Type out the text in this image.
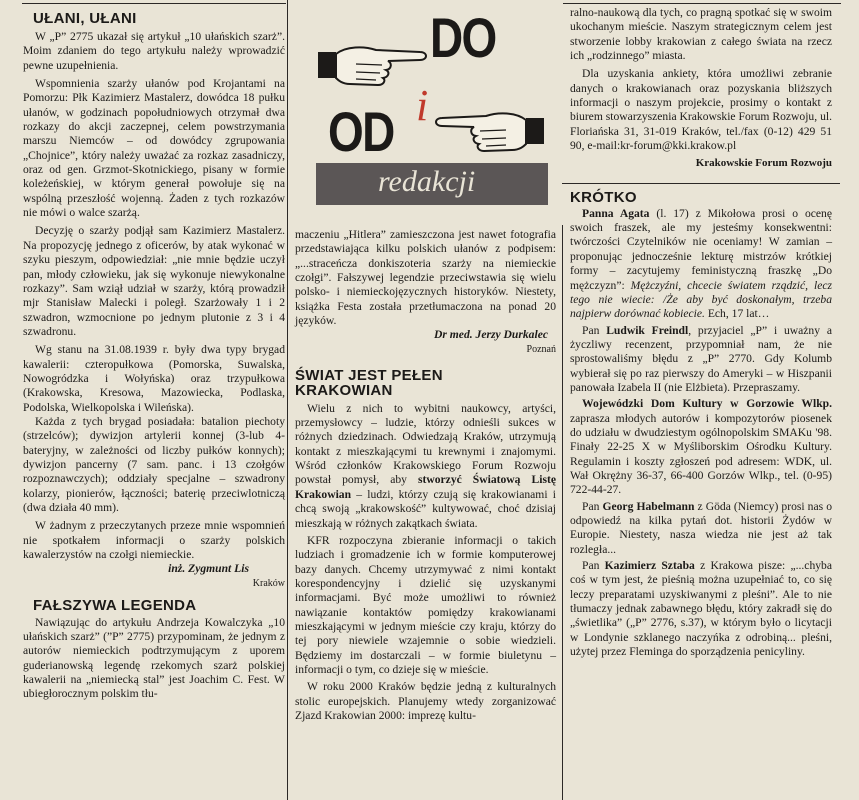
UŁANI, UŁANI

W „P” 2775 ukazał się artykuł „10 ułańskich szarż”. Moim zdaniem do tego artykułu należy wprowadzić pewne uzupełnienia.

Wspomnienia szarży ułanów pod Krojantami na Pomorzu: Płk Kazimierz Mastalerz, dowódca 18 pułku ułanów, w godzinach popołudniowych otrzymał dwa rozkazy do akcji zaczepnej, celem powstrzymania marszu Niemców – od dowódcy zgrupowania „Chojnice”, który należy uważać za rozkaz zasadniczy, oraz od gen. Grzmot-Skotnickiego, pisany w formie koleżeńskiej, w którym generał powołuje się na wspólną przeszłość wojenną. Żaden z tych rozkazów nie mówi o walce szarżą.

Decyzję o szarży podjął sam Kazimierz Mastalerz. Na propozycję jednego z oficerów, by atak wykonać w szyku pieszym, odpowiedział: „nie mnie będzie uczył pan, młody człowieku, jak się wykonuje niewykonalne rozkazy”. Sam wziął udział w szarży, którą prowadził mjr Stanisław Malecki i poległ. Szarżowały 1 i 2 szwadron, wzmocnione po jednym plutonie z 3 i 4 szwadronu.

Wg stanu na 31.08.1939 r. były dwa typy brygad kawalerii: czteropułkowa (Pomorska, Suwalska, Nowogródzka i Wołyńska) oraz trzypułkowa (Krakowska, Kresowa, Mazowiecka, Podlaska, Podolska, Wielkopolska i Wileńska).

Każda z tych brygad posiadała: batalion piechoty (strzelców); dywizjon artylerii konnej (3-lub 4-bateryjny, w zależności od liczby pułków konnych); dywizjon pancerny (7 sam. panc. i 13 czołgów rozpoznawczych); oddziały specjalne – szwadrony kolarzy, pionierów, łączności; baterię przeciwlotniczą (dwa działa 40 mm).

W żadnym z przeczytanych przeze mnie wspomnień nie spotkałem informacji o szarży polskich kawalerzystów na czołgi niemieckie.

inż. Zygmunt Lis
Kraków
FAŁSZYWA LEGENDA

Nawiązując do artykułu Andrzeja Kowalczyka „10 ułańskich szarż” (”P” 2775) przypominam, że jednym z autorów niemieckich podtrzymującym z uporem guderianowską legendę rzekomych szarż polskiej kawalerii na „niemiecką stal” jest Joachim C. Fest. W ubiegłorocznym polskim tłu-

DO
i
OD
redakcji

maczeniu „Hitlera” zamieszczona jest nawet fotografia przedstawiająca kilku polskich ułanów z podpisem: „...straceńcza donkiszoteria szarży na niemieckie czołgi”. Fałszywej legendzie przeciwstawia się wielu polsko- i niemieckojęzycznych historyków. Niestety, książka Festa została przetłumaczona na ponad 20 języków.

Dr med. Jerzy Durkalec
Poznań
ŚWIAT JEST PEŁEN
KRAKOWIAN

Wielu z nich to wybitni naukowcy, artyści, przemysłowcy – ludzie, którzy odnieśli sukces w różnych dziedzinach. Odwiedzają Kraków, utrzymują kontakt z mieszkającymi tu krewnymi i znajomymi. Wśród członków Krakowskiego Forum Rozwoju powstał pomysł, aby stworzyć Światową Listę Krakowian – ludzi, którzy czują się krakowianami i chcą swoją „krakowskość” kultywować, choć dzisiaj mieszkają w różnych zakątkach świata.

KFR rozpoczyna zbieranie informacji o takich ludziach i gromadzenie ich w formie komputerowej bazy danych. Chcemy utrzymywać z nimi kontakt korespondencyjny i dzielić się uzyskanymi informacjami. Być może umożliwi to również nawiązanie kontaktów pomiędzy krakowianami mieszkającymi w jednym mieście czy kraju, którzy do tej pory niewiele wzajemnie o sobie wiedzieli. Będziemy im dostarczali – w formie biuletynu – informacji o tym, co dzieje się w mieście.

W roku 2000 Kraków będzie jedną z kulturalnych stolic europejskich. Planujemy wtedy zorganizować Zjazd Krakowian 2000: imprezę kultu-

ralno-naukową dla tych, co pragną spotkać się w swoim ukochanym mieście. Naszym strategicznym celem jest stworzenie lobby krakowian z całego świata na rzecz ich „rodzinnego” miasta.

Dla uzyskania ankiety, która umożliwi zebranie danych o krakowianach oraz pozyskania bliższych informacji o naszym projekcie, prosimy o kontakt z biurem stowarzyszenia Krakowskie Forum Rozwoju, ul. Floriańska 31, 31-019 Kraków, tel./fax (0-12) 429 51 90, e-mail:kr-forum@kki.krakow.pl

Krakowskie Forum Rozwoju
KRÓTKO

Panna Agata (l. 17) z Mikołowa prosi o ocenę swoich fraszek, ale my jesteśmy konsekwentni: twórczości Czytelników nie oceniamy! W zamian – proponując jednocześnie lekturę mistrzów krótkiej formy – zacytujemy feministyczną fraszkę „Do mężczyzn”: Mężczyźni, chcecie światem rządzić, lecz tego nie wiecie: /Że aby być doskonałym, trzeba najpierw dorównać kobiecie. Ech, 17 lat…

Pan Ludwik Freindl, przyjaciel „P” i uważny a życzliwy recenzent, przypomniał nam, że nie sprostowaliśmy błędu z „P” 2770. Gdy Kolumb wybierał się po raz pierwszy do Ameryki – w Hiszpanii panowała Izabela II (nie Elżbieta). Przepraszamy.

Wojewódzki Dom Kultury w Gorzowie Wlkp. zaprasza młodych autorów i kompozytorów piosenek do udziału w dwudziestym ogólnopolskim SMAKu '98. Finały 22-25 X w Myśliborskim Ośrodku Kultury. Regulamin i koszty zgłoszeń pod adresem: WDK, ul. Wał Okrężny 36-37, 66-400 Gorzów Wlkp., tel. (0-95) 722-44-27.

Pan Georg Habelmann z Göda (Niemcy) prosi nas o odpowiedź na kilka pytań dot. historii Żydów w Europie. Niestety, nasza wiedza nie jest aż tak rozległa...

Pan Kazimierz Sztaba z Krakowa pisze: „...chyba coś w tym jest, że pieśnią można uzupełniać to, co się leczy preparatami uzyskiwanymi z pleśni”. Ale to nie tłumaczy jednak zabawnego błędu, który zakradł się do „świetlika” („P” 2776, s.37), w którym było o licytacji w Londynie szklanego naczyńka z odrobiną... pleśni, użytej przez Fleminga do sporządzenia penicyliny.
